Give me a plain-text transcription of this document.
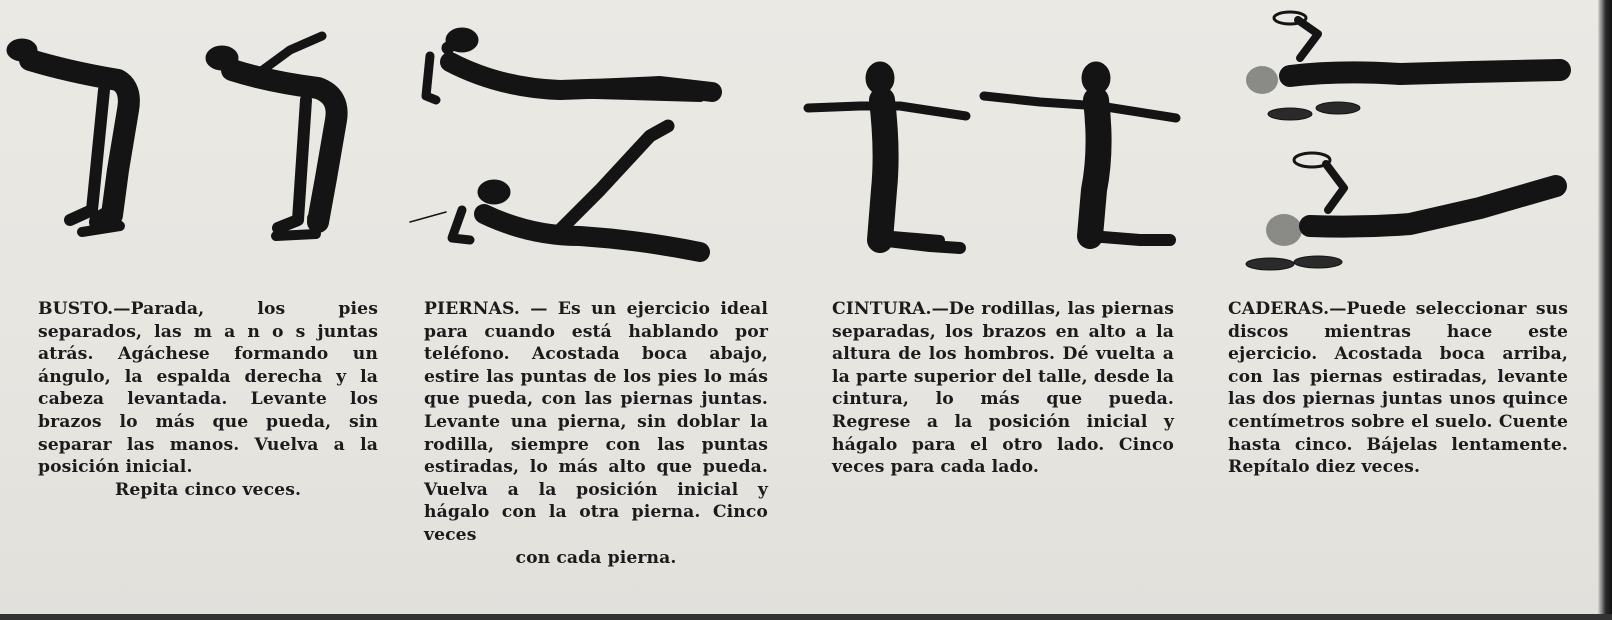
BUSTO.—Parada, los pies separados, las m a n o s juntas atrás. Agáchese formando un ángulo, la espalda derecha y la cabeza levantada. Levante los brazos lo más que pueda, sin separar las manos. Vuelva a la posición inicial.

Repita cinco veces.

PIERNAS. — Es un ejercicio ideal para cuando está hablando por teléfono. Acostada boca abajo, estire las puntas de los pies lo más que pueda, con las piernas juntas. Levante una pierna, sin doblar la rodilla, siempre con las puntas estiradas, lo más alto que pueda. Vuelva a la posición inicial y hágalo con la otra pierna. Cinco veces

con cada pierna.

CINTURA.—De rodillas, las piernas separadas, los brazos en alto a la altura de los hombros. Dé vuelta a la parte superior del talle, desde la cintura, lo más que pueda. Regrese a la posición inicial y hágalo para el otro lado. Cinco veces para cada lado.

CADERAS.—Puede seleccionar sus discos mientras hace este ejercicio. Acostada boca arriba, con las piernas estiradas, levante las dos piernas juntas unos quince centímetros sobre el suelo. Cuente hasta cinco. Bájelas lentamente. Repítalo diez veces.
